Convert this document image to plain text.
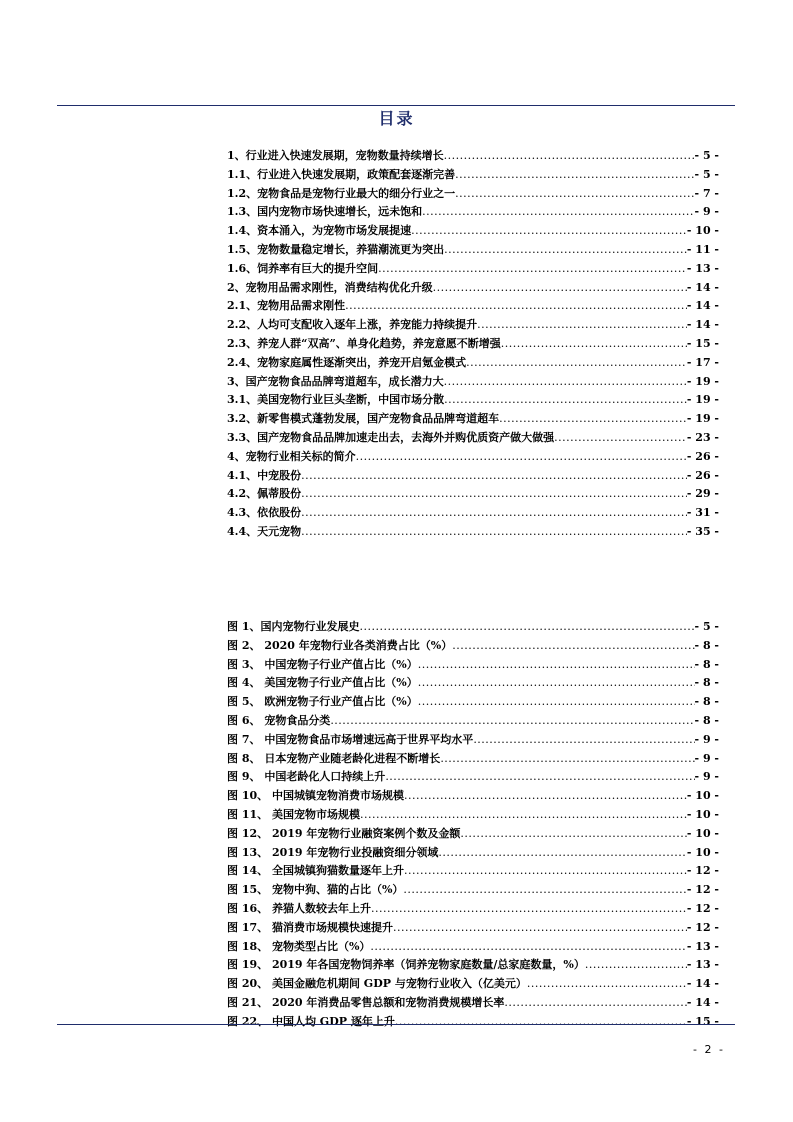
目录
1、行业进入快速发展期，宠物数量持续增长 .....	- 5 -
1.1、行业进入快速发展期，政策配套逐渐完善 .....	- 5 -
1.2、宠物食品是宠物行业最大的细分行业之一 .....	- 7 -
1.3、国内宠物市场快速增长，远未饱和 .....	- 9 -
1.4、资本涌入，为宠物市场发展提速 .....	- 10 -
1.5、宠物数量稳定增长，养猫潮流更为突出 .....	- 11 -
1.6、饲养率有巨大的提升空间 .....	- 13 -
2、宠物用品需求刚性，消费结构优化升级 .....	- 14 -
2.1、宠物用品需求刚性 .....	- 14 -
2.2、人均可支配收入逐年上涨，养宠能力持续提升 .....	- 14 -
2.3、养宠人群“双高”、单身化趋势，养宠意愿不断增强 .....	- 15 -
2.4、宠物家庭属性逐渐突出，养宠开启氪金模式 .....	- 17 -
3、国产宠物食品品牌弯道超车，成长潜力大 .....	- 19 -
3.1、美国宠物行业巨头垄断，中国市场分散 .....	- 19 -
3.2、新零售模式蓬勃发展，国产宠物食品品牌弯道超车 .....	- 19 -
3.3、国产宠物食品品牌加速走出去，去海外并购优质资产做大做强 .....	- 23 -
4、宠物行业相关标的简介 .....	- 26 -
4.1、中宠股份 .....	- 26 -
4.2、佩蒂股份 .....	- 29 -
4.3、依依股份 .....	- 31 -
4.4、天元宠物 .....	- 35 -
图 1、国内宠物行业发展史 .....	- 5 -
图 2、 2020 年宠物行业各类消费占比（%） .....	- 8 -
图 3、 中国宠物子行业产值占比（%） .....	- 8 -
图 4、 美国宠物子行业产值占比（%） .....	- 8 -
图 5、 欧洲宠物子行业产值占比（%） .....	- 8 -
图 6、 宠物食品分类 .....	- 8 -
图 7、 中国宠物食品市场增速远高于世界平均水平 .....	- 9 -
图 8、 日本宠物产业随老龄化进程不断增长 .....	- 9 -
图 9、 中国老龄化人口持续上升 .....	- 9 -
图 10、 中国城镇宠物消费市场规模 .....	- 10 -
图 11、 美国宠物市场规模 .....	- 10 -
图 12、 2019 年宠物行业融资案例个数及金额 .....	- 10 -
图 13、 2019 年宠物行业投融资细分领域 .....	- 10 -
图 14、 全国城镇狗猫数量逐年上升 .....	- 12 -
图 15、 宠物中狗、猫的占比（%） .....	- 12 -
图 16、 养猫人数较去年上升 .....	- 12 -
图 17、 猫消费市场规模快速提升 .....	- 12 -
图 18、 宠物类型占比（%） .....	- 13 -
图 19、 2019 年各国宠物饲养率（饲养宠物家庭数量/总家庭数量，%） .....	- 13 -
图 20、 美国金融危机期间 GDP 与宠物行业收入（亿美元） .....	- 14 -
图 21、 2020 年消费品零售总额和宠物消费规模增长率 .....	- 14 -
图 22、 中国人均 GDP 逐年上升 .....	- 15 -
- 2 -
